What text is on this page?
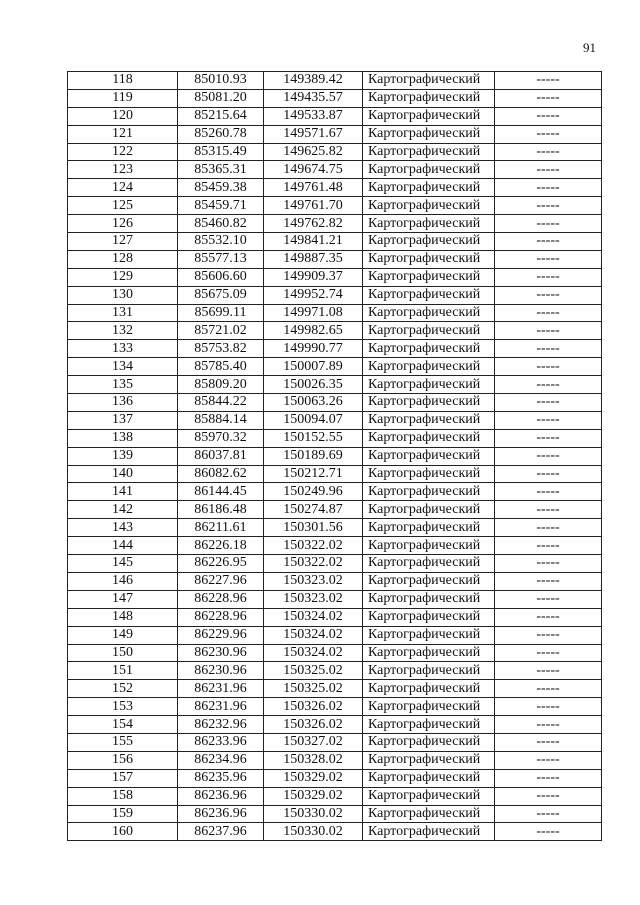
91
118	85010.93	149389.42	Картографический	-----
119	85081.20	149435.57	Картографический	-----
120	85215.64	149533.87	Картографический	-----
121	85260.78	149571.67	Картографический	-----
122	85315.49	149625.82	Картографический	-----
123	85365.31	149674.75	Картографический	-----
124	85459.38	149761.48	Картографический	-----
125	85459.71	149761.70	Картографический	-----
126	85460.82	149762.82	Картографический	-----
127	85532.10	149841.21	Картографический	-----
128	85577.13	149887.35	Картографический	-----
129	85606.60	149909.37	Картографический	-----
130	85675.09	149952.74	Картографический	-----
131	85699.11	149971.08	Картографический	-----
132	85721.02	149982.65	Картографический	-----
133	85753.82	149990.77	Картографический	-----
134	85785.40	150007.89	Картографический	-----
135	85809.20	150026.35	Картографический	-----
136	85844.22	150063.26	Картографический	-----
137	85884.14	150094.07	Картографический	-----
138	85970.32	150152.55	Картографический	-----
139	86037.81	150189.69	Картографический	-----
140	86082.62	150212.71	Картографический	-----
141	86144.45	150249.96	Картографический	-----
142	86186.48	150274.87	Картографический	-----
143	86211.61	150301.56	Картографический	-----
144	86226.18	150322.02	Картографический	-----
145	86226.95	150322.02	Картографический	-----
146	86227.96	150323.02	Картографический	-----
147	86228.96	150323.02	Картографический	-----
148	86228.96	150324.02	Картографический	-----
149	86229.96	150324.02	Картографический	-----
150	86230.96	150324.02	Картографический	-----
151	86230.96	150325.02	Картографический	-----
152	86231.96	150325.02	Картографический	-----
153	86231.96	150326.02	Картографический	-----
154	86232.96	150326.02	Картографический	-----
155	86233.96	150327.02	Картографический	-----
156	86234.96	150328.02	Картографический	-----
157	86235.96	150329.02	Картографический	-----
158	86236.96	150329.02	Картографический	-----
159	86236.96	150330.02	Картографический	-----
160	86237.96	150330.02	Картографический	-----
